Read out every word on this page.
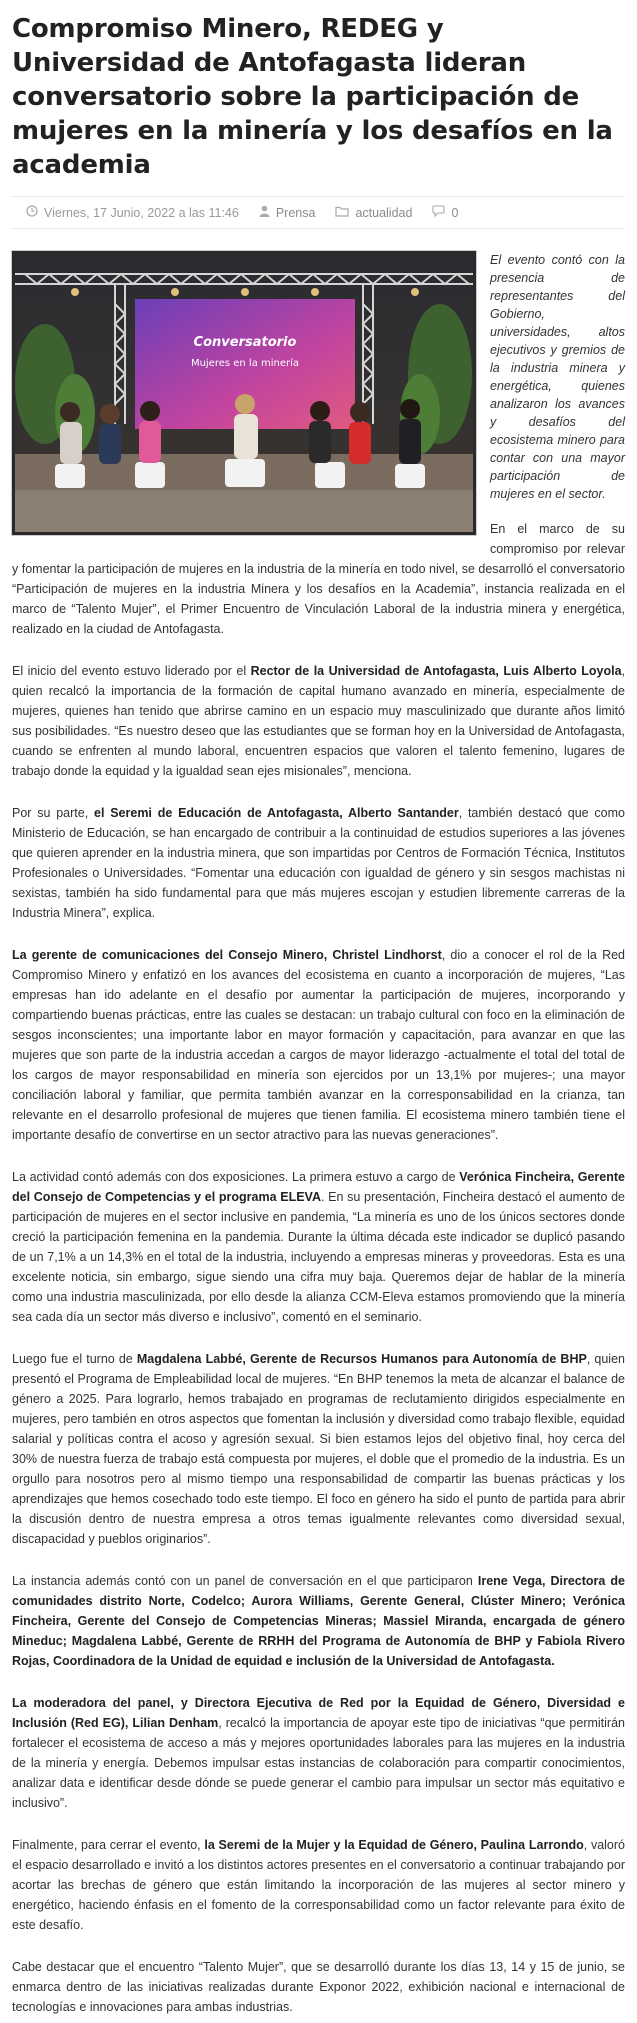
Compromiso Minero, REDEG y Universidad de Antofagasta lideran conversatorio sobre la participación de mujeres en la minería y los desafíos en la academia
Viernes, 17 Junio, 2022 a las 11:46	Prensa	actualidad	0
Conversatorio
Mujeres en la minería

El evento contó con la presencia de representantes del Gobierno, universidades, altos ejecutivos y gremios de la industria minera y energética, quienes analizaron los avances y desafíos del ecosistema minero para contar con una mayor participación de mujeres en el sector.

En el marco de su compromiso por relevar y fomentar la participación de mujeres en la industria de la minería en todo nivel, se desarrolló el conversatorio “Participación de mujeres en la industria Minera y los desafíos en la Academia”, instancia realizada en el marco de “Talento Mujer”, el Primer Encuentro de Vinculación Laboral de la industria minera y energética, realizado en la ciudad de Antofagasta.

El inicio del evento estuvo liderado por el Rector de la Universidad de Antofagasta, Luis Alberto Loyola, quien recalcó la importancia de la formación de capital humano avanzado en minería, especialmente de mujeres, quienes han tenido que abrirse camino en un espacio muy masculinizado que durante años limitó sus posibilidades. “Es nuestro deseo que las estudiantes que se forman hoy en la Universidad de Antofagasta, cuando se enfrenten al mundo laboral, encuentren espacios que valoren el talento femenino, lugares de trabajo donde la equidad y la igualdad sean ejes misionales”, menciona.

Por su parte, el Seremi de Educación de Antofagasta, Alberto Santander, también destacó que como Ministerio de Educación, se han encargado de contribuir a la continuidad de estudios superiores a las jóvenes que quieren aprender en la industria minera, que son impartidas por Centros de Formación Técnica, Institutos Profesionales o Universidades. “Fomentar una educación con igualdad de género y sin sesgos machistas ni sexistas, también ha sido fundamental para que más mujeres escojan y estudien libremente carreras de la Industria Minera”, explica.

La gerente de comunicaciones del Consejo Minero, Christel Lindhorst, dio a conocer el rol de la Red Compromiso Minero y enfatizó en los avances del ecosistema en cuanto a incorporación de mujeres, “Las empresas han ido adelante en el desafío por aumentar la participación de mujeres, incorporando y compartiendo buenas prácticas, entre las cuales se destacan: un trabajo cultural con foco en la eliminación de sesgos inconscientes; una importante labor en mayor formación y capacitación, para avanzar en que las mujeres que son parte de la industria accedan a cargos de mayor liderazgo -actualmente el total del total de los cargos de mayor responsabilidad en minería son ejercidos por un 13,1% por mujeres-; una mayor conciliación laboral y familiar, que permita también avanzar en la corresponsabilidad en la crianza, tan relevante en el desarrollo profesional de mujeres que tienen familia. El ecosistema minero también tiene el importante desafío de convertirse en un sector atractivo para las nuevas generaciones”.

La actividad contó además con dos exposiciones. La primera estuvo a cargo de Verónica Fincheira, Gerente del Consejo de Competencias y el programa ELEVA. En su presentación, Fincheira destacó el aumento de participación de mujeres en el sector inclusive en pandemia, “La minería es uno de los únicos sectores donde creció la participación femenina en la pandemia. Durante la última década este indicador se duplicó pasando de un 7,1% a un 14,3% en el total de la industria, incluyendo a empresas mineras y proveedoras. Esta es una excelente noticia, sin embargo, sigue siendo una cifra muy baja. Queremos dejar de hablar de la minería como una industria masculinizada, por ello desde la alianza CCM-Eleva estamos promoviendo que la minería sea cada día un sector más diverso e inclusivo”, comentó en el seminario.

Luego fue el turno de Magdalena Labbé, Gerente de Recursos Humanos para Autonomía de BHP, quien presentó el Programa de Empleabilidad local de mujeres. “En BHP tenemos la meta de alcanzar el balance de género a 2025. Para lograrlo, hemos trabajado en programas de reclutamiento dirigidos especialmente en mujeres, pero también en otros aspectos que fomentan la inclusión y diversidad como trabajo flexible, equidad salarial y políticas contra el acoso y agresión sexual. Si bien estamos lejos del objetivo final, hoy cerca del 30% de nuestra fuerza de trabajo está compuesta por mujeres, el doble que el promedio de la industria. Es un orgullo para nosotros pero al mismo tiempo una responsabilidad de compartir las buenas prácticas y los aprendizajes que hemos cosechado todo este tiempo. El foco en género ha sido el punto de partida para abrir la discusión dentro de nuestra empresa a otros temas igualmente relevantes como diversidad sexual, discapacidad y pueblos originarios”.

La instancia además contó con un panel de conversación en el que participaron Irene Vega, Directora de comunidades distrito Norte, Codelco; Aurora Williams, Gerente General, Clúster Minero; Verónica Fincheira, Gerente del Consejo de Competencias Mineras; Massiel Miranda, encargada de género Mineduc; Magdalena Labbé, Gerente de RRHH del Programa de Autonomía de BHP y Fabiola Rivero Rojas, Coordinadora de la Unidad de equidad e inclusión de la Universidad de Antofagasta.

La moderadora del panel, y Directora Ejecutiva de Red por la Equidad de Género, Diversidad e Inclusión (Red EG), Lilian Denham, recalcó la importancia de apoyar este tipo de iniciativas “que permitirán fortalecer el ecosistema de acceso a más y mejores oportunidades laborales para las mujeres en la industria de la minería y energía. Debemos impulsar estas instancias de colaboración para compartir conocimientos, analizar data e identificar desde dónde se puede generar el cambio para impulsar un sector más equitativo e inclusivo”.

Finalmente, para cerrar el evento, la Seremi de la Mujer y la Equidad de Género, Paulina Larrondo, valoró el espacio desarrollado e invitó a los distintos actores presentes en el conversatorio a continuar trabajando por acortar las brechas de género que están limitando la incorporación de las mujeres al sector minero y energético, haciendo énfasis en el fomento de la corresponsabilidad como un factor relevante para éxito de este desafío.

Cabe destacar que el encuentro “Talento Mujer”, que se desarrolló durante los días 13, 14 y 15 de junio, se enmarca dentro de las iniciativas realizadas durante Exponor 2022, exhibición nacional e internacional de tecnologías e innovaciones para ambas industrias.
